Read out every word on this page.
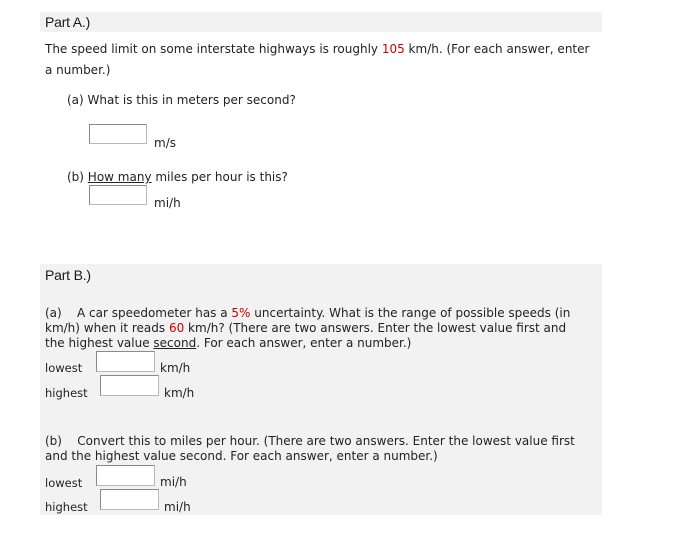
Part A.)
The speed limit on some interstate highways is roughly 105 km/h. (For each answer, enter
a number.)
(a) What is this in meters per second?
m/s
(b) How many miles per hour is this?
mi/h
Part B.)
(a) A car speedometer has a 5% uncertainty. What is the range of possible speeds (in
km/h) when it reads 60 km/h? (There are two answers. Enter the lowest value first and
the highest value second. For each answer, enter a number.)
lowest	km/h
highest	km/h
(b) Convert this to miles per hour. (There are two answers. Enter the lowest value first
and the highest value second. For each answer, enter a number.)
lowest	mi/h
highest	mi/h
